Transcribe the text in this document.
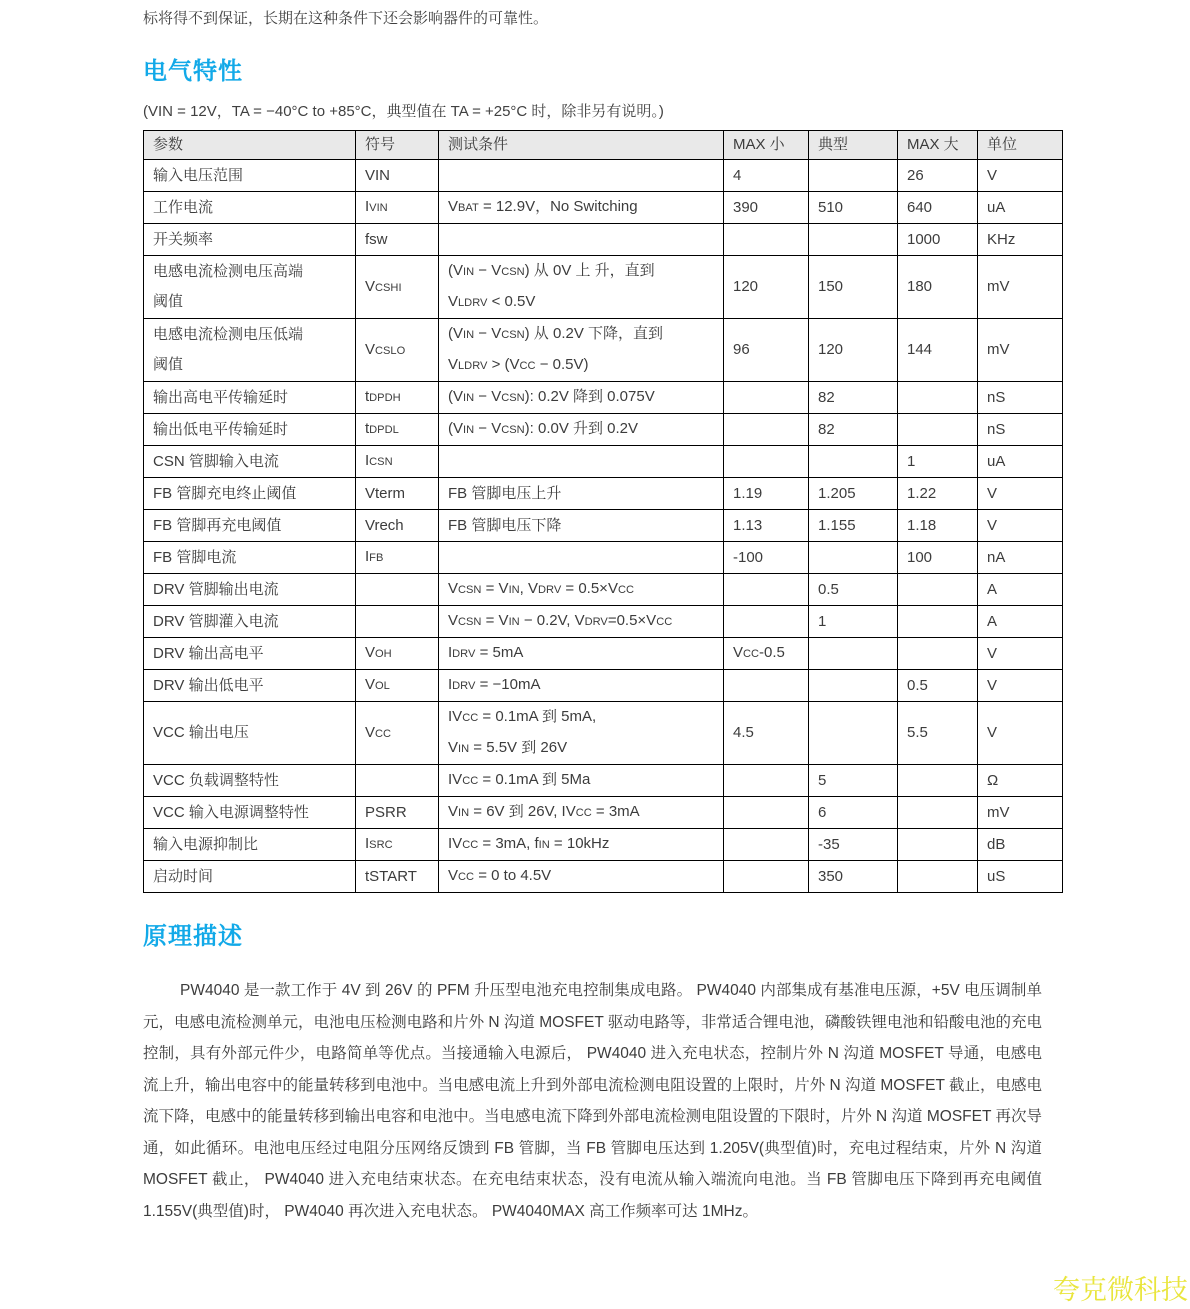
标将得不到保证，长期在这种条件下还会影响器件的可靠性。
电气特性
(VIN = 12V，TA = −40°C to +85°C，典型值在 TA = +25°C 时，除非另有说明。)
参数	符号	测试条件	MAX 小	典型	MAX 大	单位
输入电压范围	VIN		4		26	V
工作电流	IVIN	VBAT = 12.9V，No Switching	390	510	640	uA
开关频率	fsw				1000	KHz
电感电流检测电压高端
阈值	VCSHI	(VIN − VCSN) 从 0V 上 升，直到
VLDRV < 0.5V	120	150	180	mV
电感电流检测电压低端
阈值	VCSLO	(VIN − VCSN) 从 0.2V 下降，直到
VLDRV > (VCC − 0.5V)	96	120	144	mV
输出高电平传输延时	tDPDH	(VIN − VCSN): 0.2V 降到 0.075V		82		nS
输出低电平传输延时	tDPDL	(VIN − VCSN): 0.0V 升到 0.2V		82		nS
CSN 管脚输入电流	ICSN				1	uA
FB 管脚充电终止阈值	Vterm	FB 管脚电压上升	1.19	1.205	1.22	V
FB 管脚再充电阈值	Vrech	FB 管脚电压下降	1.13	1.155	1.18	V
FB 管脚电流	IFB		-100		100	nA
DRV 管脚输出电流		VCSN = VIN, VDRV = 0.5×VCC		0.5		A
DRV 管脚灌入电流		VCSN = VIN − 0.2V, VDRV=0.5×VCC		1		A
DRV 输出高电平	VOH	IDRV = 5mA	VCC-0.5			V
DRV 输出低电平	VOL	IDRV = −10mA			0.5	V
VCC 输出电压	VCC	IVCC = 0.1mA 到 5mA,
VIN = 5.5V 到 26V	4.5		5.5	V
VCC 负载调整特性		IVCC = 0.1mA 到 5Ma		5		Ω
VCC 输入电源调整特性	PSRR	VIN = 6V 到 26V, IVCC = 3mA		6		mV
输入电源抑制比	ISRC	IVCC = 3mA, fIN = 10kHz		-35		dB
启动时间	tSTART	VCC = 0 to 4.5V		350		uS
原理描述

PW4040 是一款工作于 4V 到 26V 的 PFM 升压型电池充电控制集成电路。 PW4040 内部集成有基准电压源，+5V 电压调制单元，电感电流检测单元，电池电压检测电路和片外 N 沟道 MOSFET 驱动电路等，非常适合锂电池，磷酸铁锂电池和铅酸电池的充电控制，具有外部元件少，电路简单等优点。当接通输入电源后， PW4040 进入充电状态，控制片外 N 沟道 MOSFET 导通，电感电流上升，输出电容中的能量转移到电池中。当电感电流上升到外部电流检测电阻设置的上限时，片外 N 沟道 MOSFET 截止，电感电流下降，电感中的能量转移到输出电容和电池中。当电感电流下降到外部电流检测电阻设置的下限时，片外 N 沟道 MOSFET 再次导通，如此循环。电池电压经过电阻分压网络反馈到 FB 管脚，当 FB 管脚电压达到 1.205V(典型值)时，充电过程结束，片外 N 沟道 MOSFET 截止， PW4040 进入充电结束状态。在充电结束状态，没有电流从输入端流向电池。当 FB 管脚电压下降到再充电阈值 1.155V(典型值)时， PW4040 再次进入充电状态。 PW4040MAX 高工作频率可达 1MHz。

夸克微科技
